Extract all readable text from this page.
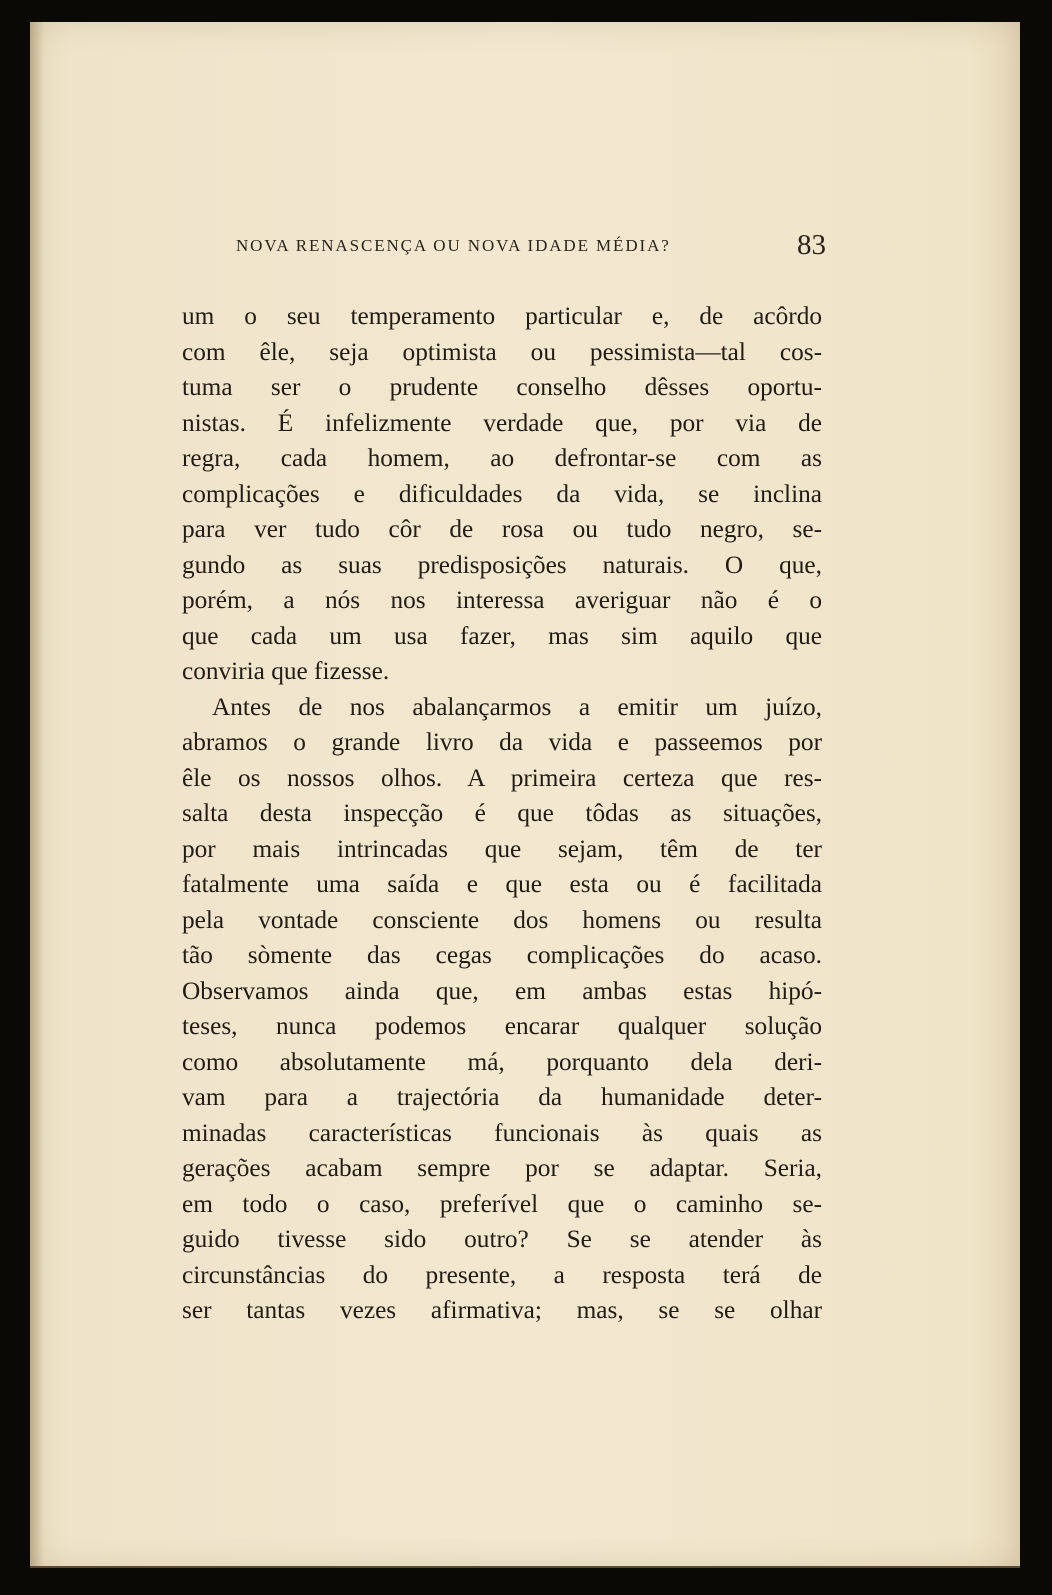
NOVA RENASCENÇA OU NOVA IDADE MÉDIA?	83
um o seu temperamento particular e, de acôrdo
com êle, seja optimista ou pessimista—tal cos-
tuma ser o prudente conselho dêsses oportu-
nistas. É infelizmente verdade que, por via de
regra, cada homem, ao defrontar-se com as
complicações e dificuldades da vida, se inclina
para ver tudo côr de rosa ou tudo negro, se-
gundo as suas predisposições naturais. O que,
porém, a nós nos interessa averiguar não é o
que cada um usa fazer, mas sim aquilo que
conviria que fizesse.
Antes de nos abalançarmos a emitir um juízo,
abramos o grande livro da vida e passeemos por
êle os nossos olhos. A primeira certeza que res-
salta desta inspecção é que tôdas as situações,
por mais intrincadas que sejam, têm de ter
fatalmente uma saída e que esta ou é facilitada
pela vontade consciente dos homens ou resulta
tão sòmente das cegas complicações do acaso.
Observamos ainda que, em ambas estas hipó-
teses, nunca podemos encarar qualquer solução
como absolutamente má, porquanto dela deri-
vam para a trajectória da humanidade deter-
minadas características funcionais às quais as
gerações acabam sempre por se adaptar. Seria,
em todo o caso, preferível que o caminho se-
guido tivesse sido outro? Se se atender às
circunstâncias do presente, a resposta terá de
ser tantas vezes afirmativa; mas, se se olhar
